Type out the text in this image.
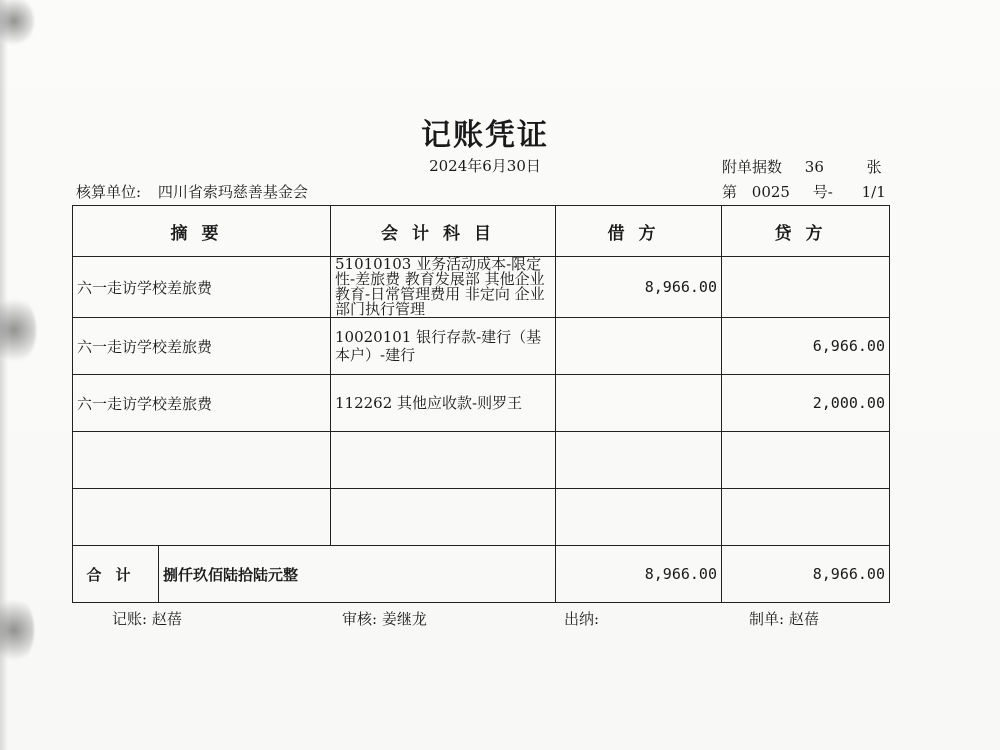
记账凭证
2024年6月30日	附单据数 36	张
核算单位: 四川省索玛慈善基金会	第 0025 号- 1/1
摘要		会计科目	借方	贷方
六一走访学校差旅费		51010103 业务活动成本-限定性-差旅费 教育发展部 其他企业 教育-日常管理费用 非定向 企业 部门执行管理	8,966.00	
六一走访学校差旅费		10020101 银行存款-建行（基本户）-建行		6,966.00
六一走访学校差旅费		112262 其他应收款-则罗王		2,000.00

合计	捌仟玖佰陆拾陆元整		8,966.00	8,966.00
记账: 赵蓓	审核: 姜继龙	出纳:	制单: 赵蓓
